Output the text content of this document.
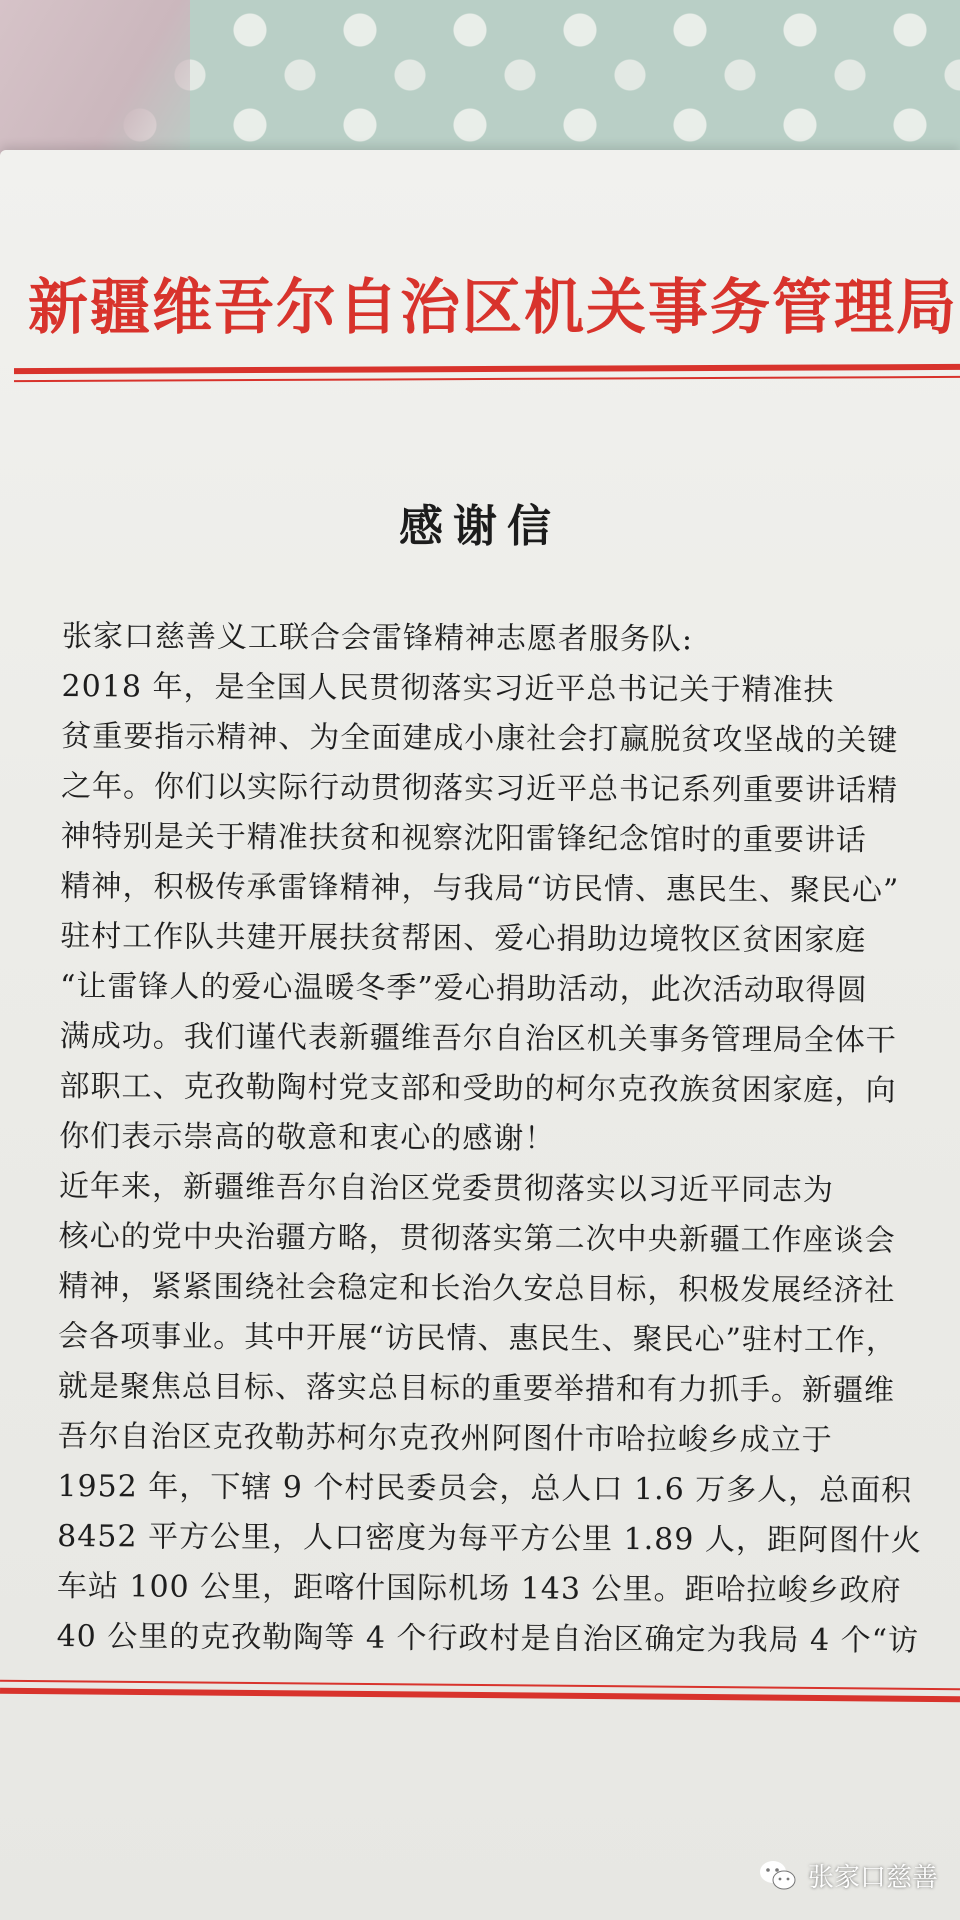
新疆维吾尔自治区机关事务管理局
感谢信
张家口慈善义工联合会雷锋精神志愿者服务队:
2018 年，是全国人民贯彻落实习近平总书记关于精准扶
贫重要指示精神、为全面建成小康社会打赢脱贫攻坚战的关键
之年。你们以实际行动贯彻落实习近平总书记系列重要讲话精
神特别是关于精准扶贫和视察沈阳雷锋纪念馆时的重要讲话
精神，积极传承雷锋精神，与我局“访民情、惠民生、聚民心”
驻村工作队共建开展扶贫帮困、爱心捐助边境牧区贫困家庭
“让雷锋人的爱心温暖冬季”爱心捐助活动，此次活动取得圆
满成功。我们谨代表新疆维吾尔自治区机关事务管理局全体干
部职工、克孜勒陶村党支部和受助的柯尔克孜族贫困家庭，向
你们表示崇高的敬意和衷心的感谢！
近年来，新疆维吾尔自治区党委贯彻落实以习近平同志为
核心的党中央治疆方略，贯彻落实第二次中央新疆工作座谈会
精神，紧紧围绕社会稳定和长治久安总目标，积极发展经济社
会各项事业。其中开展“访民情、惠民生、聚民心”驻村工作，
就是聚焦总目标、落实总目标的重要举措和有力抓手。新疆维
吾尔自治区克孜勒苏柯尔克孜州阿图什市哈拉峻乡成立于
1952 年，下辖 9 个村民委员会，总人口 1.6 万多人，总面积
8452 平方公里，人口密度为每平方公里 1.89 人，距阿图什火
车站 100 公里，距喀什国际机场 143 公里。距哈拉峻乡政府
40 公里的克孜勒陶等 4 个行政村是自治区确定为我局 4 个“访
张家口慈善
